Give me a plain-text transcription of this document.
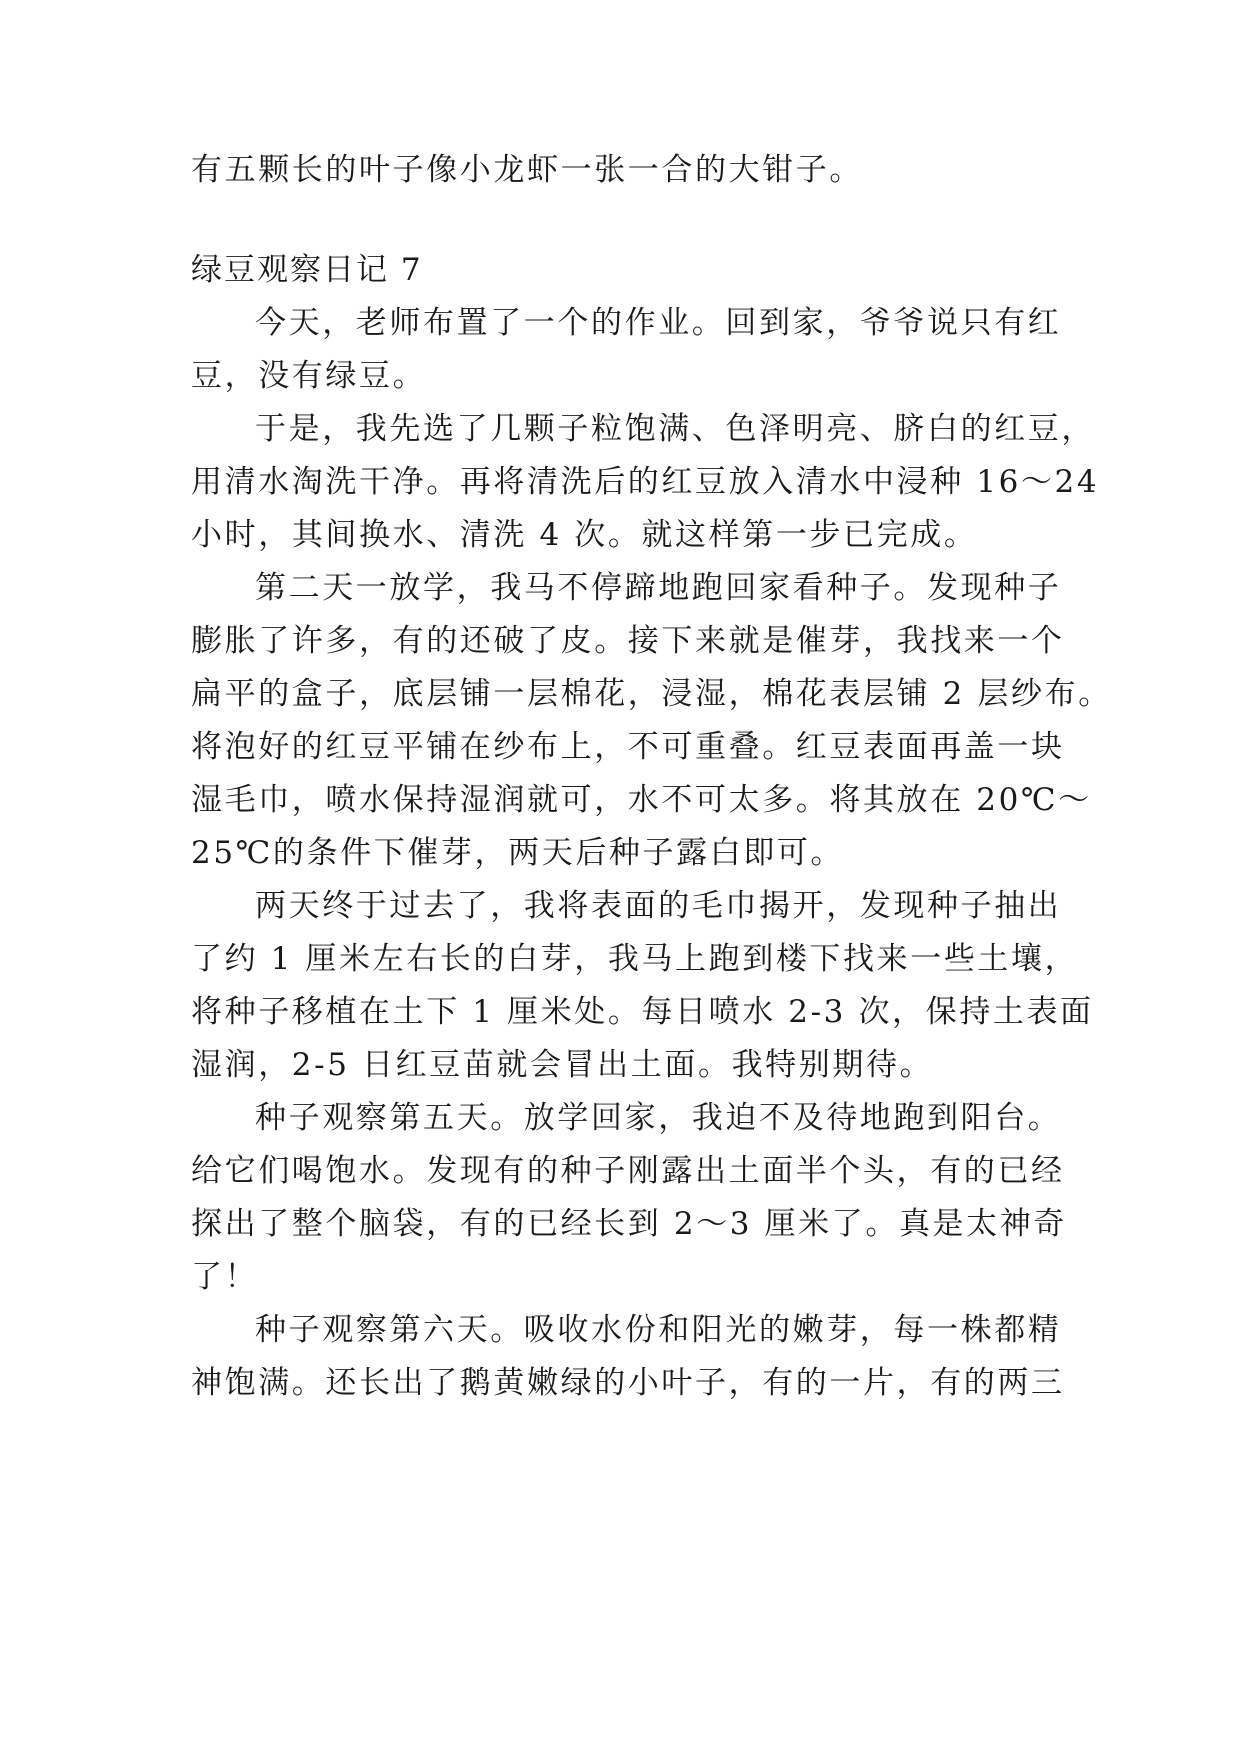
有五颗长的叶子像小龙虾一张一合的大钳子。

绿豆观察日记 7

今天，老师布置了一个的作业。回到家，爷爷说只有红

豆，没有绿豆。

于是，我先选了几颗子粒饱满、色泽明亮、脐白的红豆，

用清水淘洗干净。再将清洗后的红豆放入清水中浸种 16～24

小时，其间换水、清洗 4 次。就这样第一步已完成。

第二天一放学，我马不停蹄地跑回家看种子。发现种子

膨胀了许多，有的还破了皮。接下来就是催芽，我找来一个

扁平的盒子，底层铺一层棉花，浸湿，棉花表层铺 2 层纱布。

将泡好的红豆平铺在纱布上，不可重叠。红豆表面再盖一块

湿毛巾，喷水保持湿润就可，水不可太多。将其放在 20℃～

25℃的条件下催芽，两天后种子露白即可。

两天终于过去了，我将表面的毛巾揭开，发现种子抽出

了约 1 厘米左右长的白芽，我马上跑到楼下找来一些土壤，

将种子移植在土下 1 厘米处。每日喷水 2-3 次，保持土表面

湿润，2-5 日红豆苗就会冒出土面。我特别期待。

种子观察第五天。放学回家，我迫不及待地跑到阳台。

给它们喝饱水。发现有的种子刚露出土面半个头，有的已经

探出了整个脑袋，有的已经长到 2～3 厘米了。真是太神奇

了！

种子观察第六天。吸收水份和阳光的嫩芽，每一株都精

神饱满。还长出了鹅黄嫩绿的小叶子，有的一片，有的两三
